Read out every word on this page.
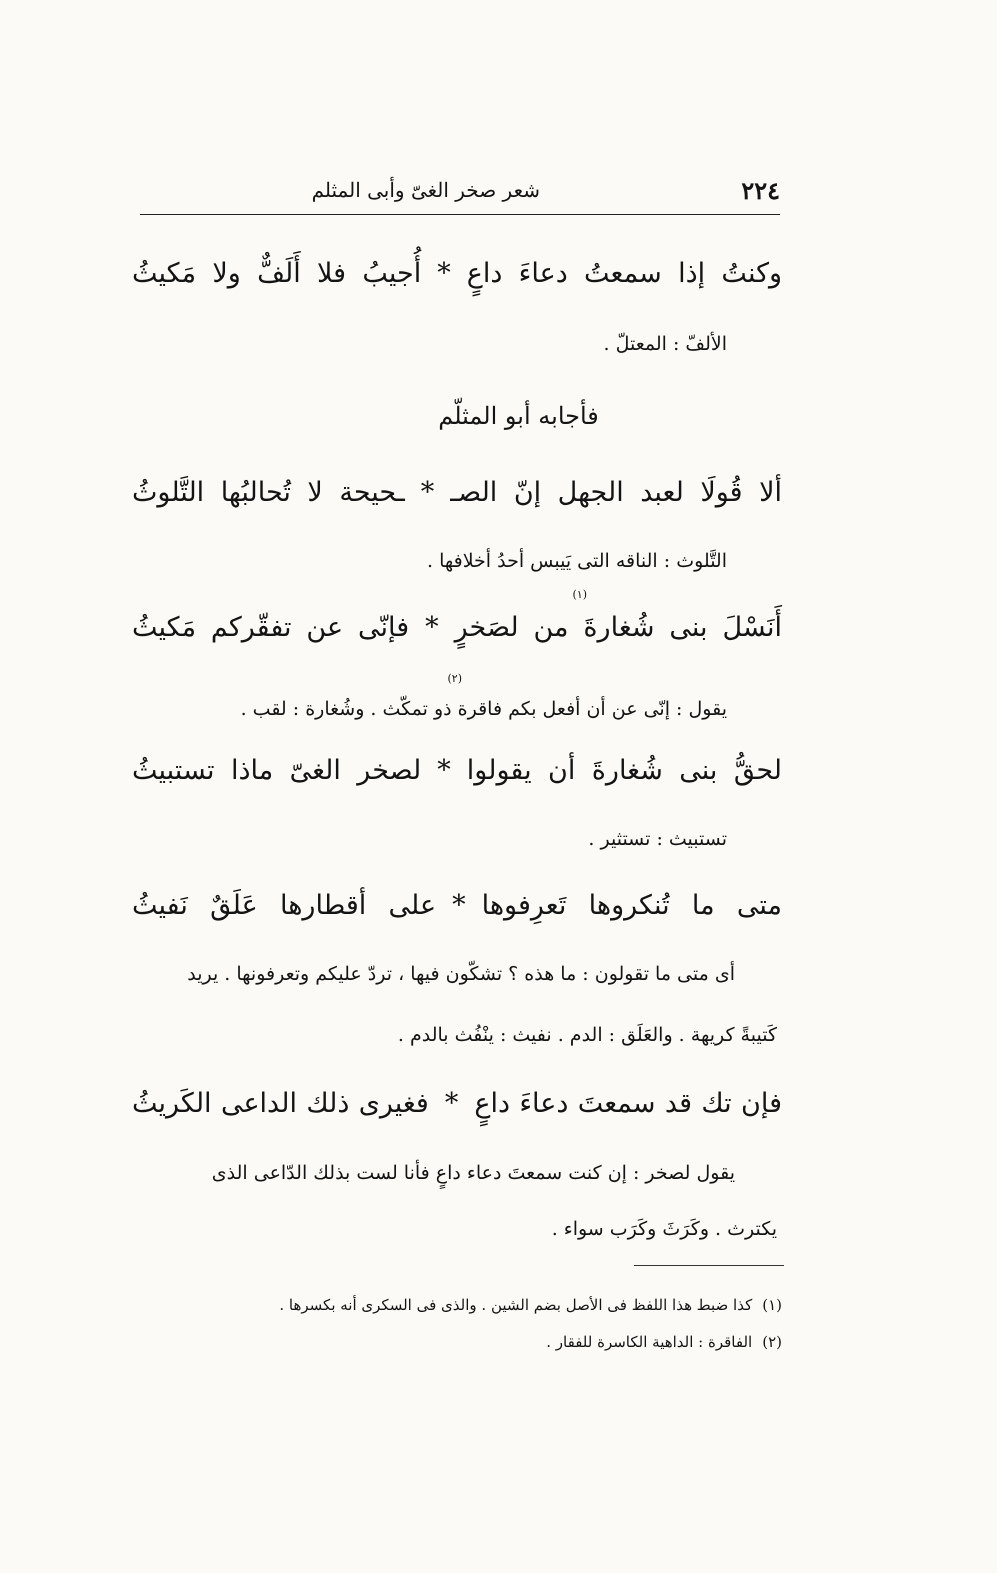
٢٢٤
شعر صخر الغىّ وأبى المثلم
وكنتُ إذا سمعتُ دعاءَ داعٍ*أُجيبُ فلا أَلَفٌّ ولا مَكيثُ
الألفّ : المعتلّ .
فأجابه أبو المثلّم
ألا قُولَا لعبد الجهل إنّ الصـ*ـحيحة لا تُحالبُها التَّلوثُ
التَّلوث : الناقه التى يَيبس أحدُ أخلافها .
(١)
أَنَسْلَ بنى شُغارةَ من لصَخرٍ*فإنّى عن تفقّركم مَكيثُ
(٢)
يقول : إنّى عن أن أفعل بكم فاقرة ذو تمكّث . وشُغارة : لقب .
لحقُّ بنى شُغارةَ أن يقولوا*لصخر الغىّ ماذا تستبيثُ
تستبيث : تستثير .
متى ما تُنكروها تَعرِفوها*على أقطارها عَلَقٌ نَفيثُ
أى متى ما تقولون : ما هذه ؟ تشكّون فيها ، تردّ عليكم وتعرفونها . يريد
كَتيبةً كريهة . والعَلَق : الدم . نفيث : ينْفُث بالدم .
فإن تك قد سمعتَ دعاءَ داعٍ*فغيرى ذلك الداعى الكَريثُ
يقول لصخر : إن كنت سمعتَ دعاء داعٍ فأنا لست بذلك الدّاعى الذى
يكترث . وكَرَثَ وكَرَب سواء .
(١)كذا ضبط هذا اللفظ فى الأصل بضم الشين . والذى فى السكرى أنه بكسرها .
(٢)الفاقرة : الداهية الكاسرة للفقار .
